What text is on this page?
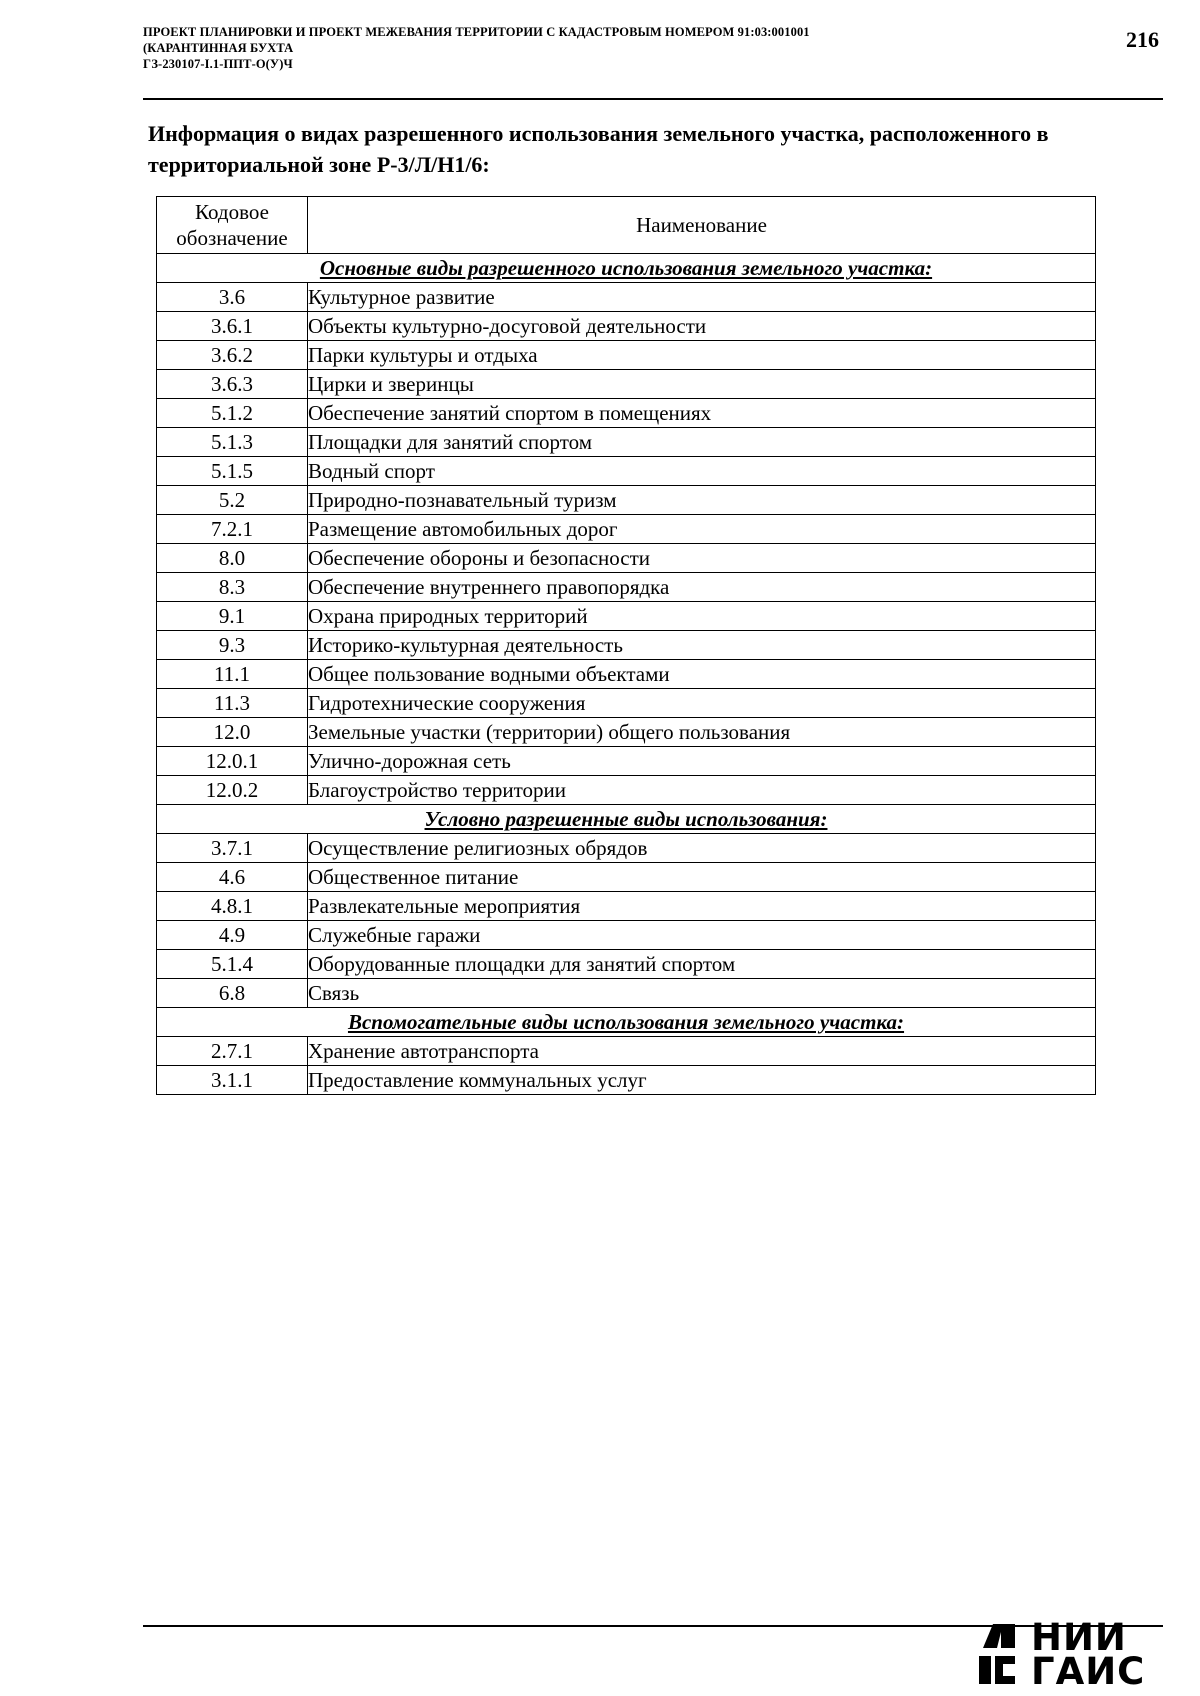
ПРОЕКТ ПЛАНИРОВКИ И ПРОЕКТ МЕЖЕВАНИЯ ТЕРРИТОРИИ С КАДАСТРОВЫМ НОМЕРОМ 91:03:001001
(КАРАНТИННАЯ БУХТА
ГЗ-230107-I.1-ППТ-О(У)Ч
216
Информация о видах разрешенного использования земельного участка, расположенного в территориальной зоне Р-3/Л/Н1/6:
Кодовое обозначение	Наименование
Основные виды разрешенного использования земельного участка:	
3.6	Культурное развитие
3.6.1	Объекты культурно-досуговой деятельности
3.6.2	Парки культуры и отдыха
3.6.3	Цирки и зверинцы
5.1.2	Обеспечение занятий спортом в помещениях
5.1.3	Площадки для занятий спортом
5.1.5	Водный спорт
5.2	Природно-познавательный туризм
7.2.1	Размещение автомобильных дорог
8.0	Обеспечение обороны и безопасности
8.3	Обеспечение внутреннего правопорядка
9.1	Охрана природных территорий
9.3	Историко-культурная деятельность
11.1	Общее пользование водными объектами
11.3	Гидротехнические сооружения
12.0	Земельные участки (территории) общего пользования
12.0.1	Улично-дорожная сеть
12.0.2	Благоустройство территории
Условно разрешенные виды использования:	
3.7.1	Осуществление религиозных обрядов
4.6	Общественное питание
4.8.1	Развлекательные мероприятия
4.9	Служебные гаражи
5.1.4	Оборудованные площадки для занятий спортом
6.8	Связь
Вспомогательные виды использования земельного участка:	
2.7.1	Хранение автотранспорта
3.1.1	Предоставление коммунальных услуг
НИИ
ГАИС
